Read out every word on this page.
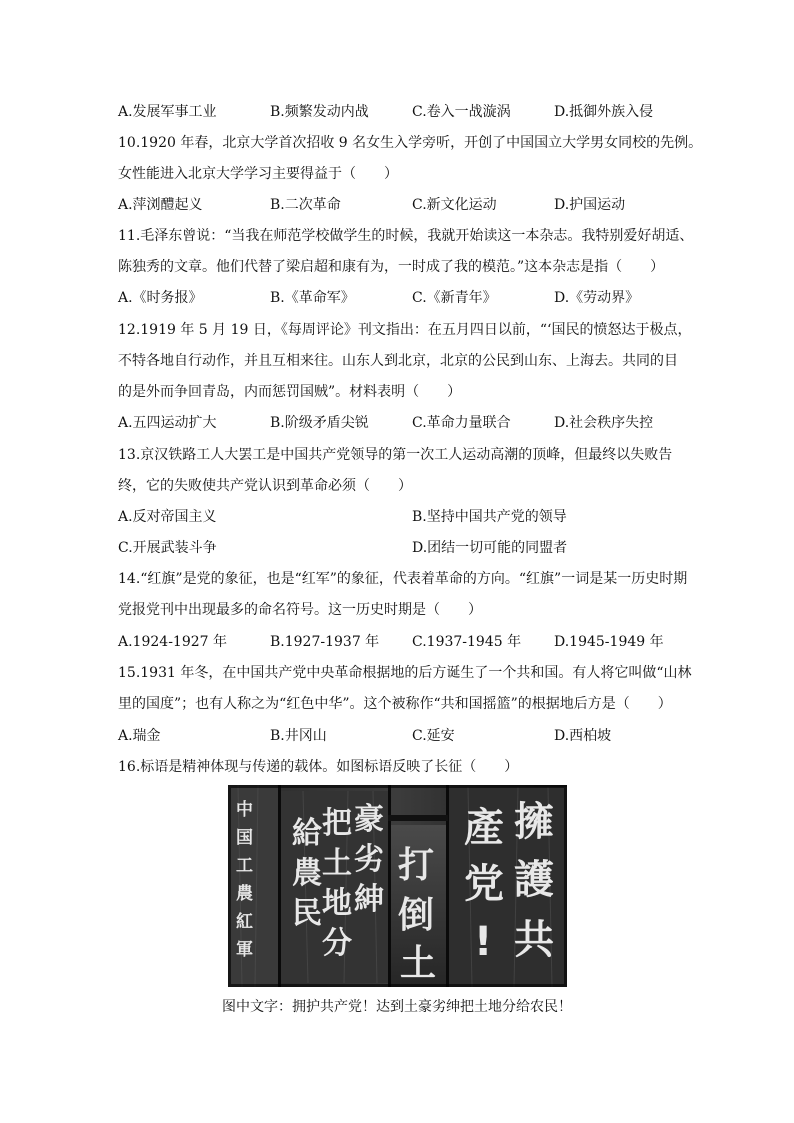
A.发展军事工业	B.频繁发动内战	C.卷入一战漩涡	D.抵御外族入侵
10.1920 年春，北京大学首次招收 9 名女生入学旁听，开创了中国国立大学男女同校的先例。
女性能进入北京大学学习主要得益于（　　）
A.萍浏醴起义	B.二次革命	C.新文化运动	D.护国运动
11.毛泽东曾说：“当我在师范学校做学生的时候，我就开始读这一本杂志。我特别爱好胡适、
陈独秀的文章。他们代替了梁启超和康有为，一时成了我的模范。”这本杂志是指（　　）
A.《时务报》	B.《革命军》	C.《新青年》	D.《劳动界》
12.1919 年 5 月 19 日，《每周评论》刊文指出：在五月四日以前，“‘国民的愤怒达于极点，
不特各地自行动作，并且互相来往。山东人到北京，北京的公民到山东、上海去。共同的目
的是外而争回青岛，内而惩罚国贼”。材料表明（　　）
A.五四运动扩大	B.阶级矛盾尖锐	C.革命力量联合	D.社会秩序失控
13.京汉铁路工人大罢工是中国共产党领导的第一次工人运动高潮的顶峰，但最终以失败告
终，它的失败使共产党认识到革命必须（　　）
A.反对帝国主义	B.坚持中国共产党的领导
C.开展武装斗争	D.团结一切可能的同盟者
14.“红旗”是党的象征，也是“红军”的象征，代表着革命的方向。“红旗”一词是某一历史时期
党报党刊中出现最多的命名符号。这一历史时期是（　　）
A.1924-1927 年	B.1927-1937 年 C.1937-1945 年 D.1945-1949 年
15.1931 年冬，在中国共产党中央革命根据地的后方诞生了一个共和国。有人将它叫做“山林
里的国度”；也有人称之为“红色中华”。这个被称作“共和国摇篮”的根据地后方是（　　）
A.瑞金	B.井冈山	C.延安	D.西柏坡
16.标语是精神体现与传递的载体。如图标语反映了长征（　　）
中
国
工
農
紅
軍
給
農
民
把
土
地
分
豪
劣
紳
打
倒
土
產
党
!
擁
護
共
图中文字：拥护共产党！达到土豪劣绅把土地分给农民！
